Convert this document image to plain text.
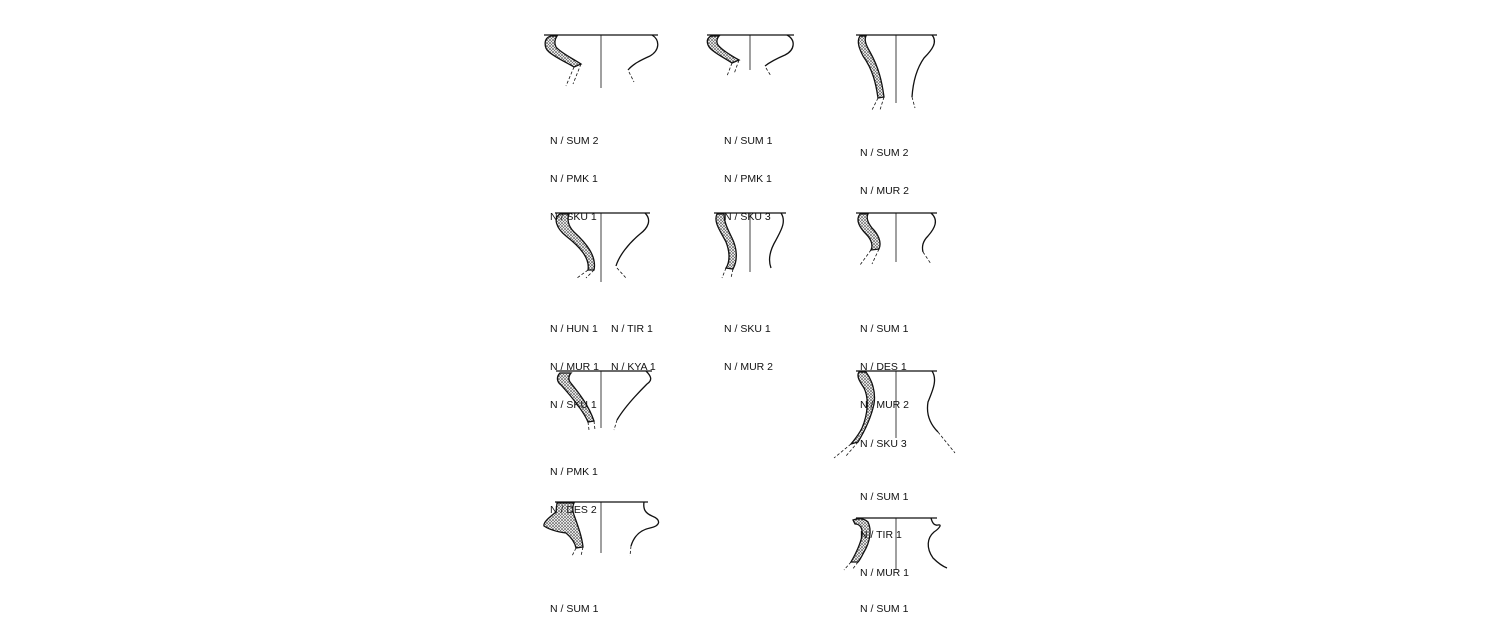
N / SUM 2

N / PMK 1

N / SKU 1

N / SUM 1

N / PMK 1

N / SKU 3

N / SUM 2

N / MUR 2

N / HUN 1

N / MUR 1

N / SKU 1

N / TIR 1

N / KYA 1

N / SKU 1

N / MUR 2

N / SUM 1

N / DES 1

N / MUR 2

N / SKU 3

N / PMK 1

N / DES 2

N / SUM 1

N / TIR 1

N / MUR 1

N / SUM 1

	N / SUM 1
